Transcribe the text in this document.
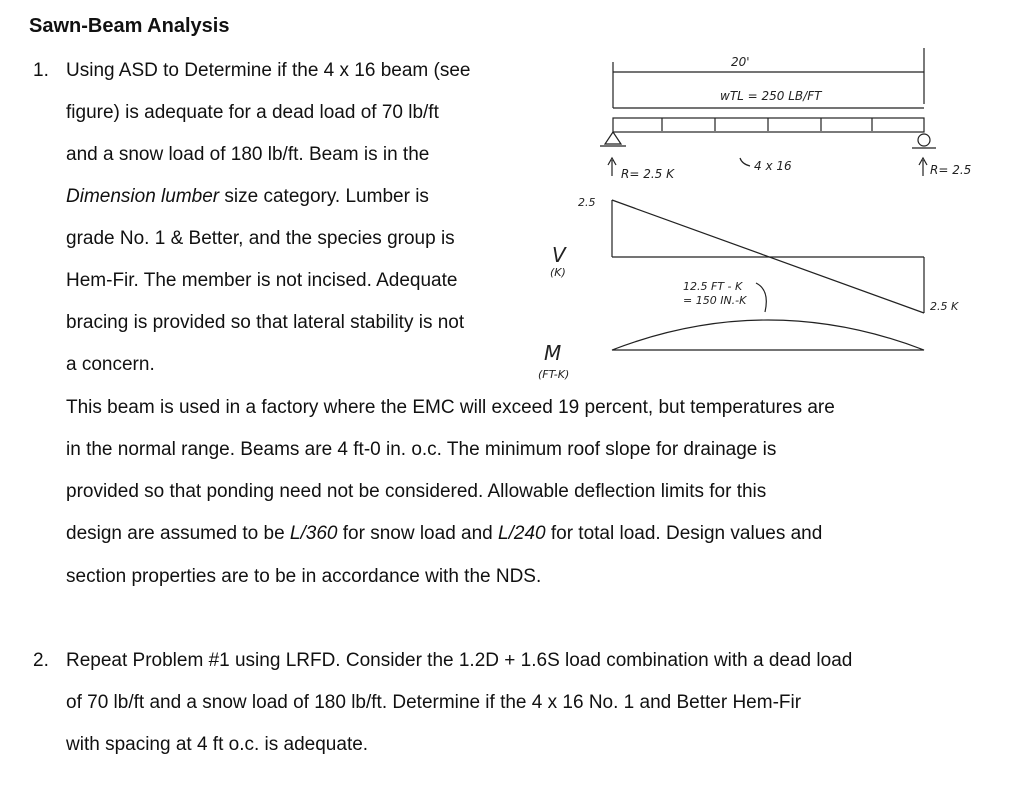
Sawn-Beam Analysis
1. Using ASD to Determine if the 4 x 16 beam (see
figure) is adequate for a dead load of 70 lb/ft
and a snow load of 180 lb/ft. Beam is in the
Dimension lumber size category. Lumber is
grade No. 1 & Better, and the species group is
Hem-Fir. The member is not incised. Adequate
bracing is provided so that lateral stability is not
a concern.
This beam is used in a factory where the EMC will exceed 19 percent, but temperatures are
in the normal range. Beams are 4 ft-0 in. o.c. The minimum roof slope for drainage is
provided so that ponding need not be considered. Allowable deflection limits for this
design are assumed to be L/360 for snow load and L/240 for total load. Design values and
section properties are to be in accordance with the NDS.
2. Repeat Problem #1 using LRFD. Consider the 1.2D + 1.6S load combination with a dead load
of 70 lb/ft and a snow load of 180 lb/ft. Determine if the 4 x 16 No. 1 and Better Hem-Fir
with spacing at 4 ft o.c. is adequate.
20'
wTL = 250 LB/FT
R= 2.5 K	R= 2.5
4 x 16
2.5
2.5 K
V
(K)
M
(FT-K)
12.5 FT - K
= 150 IN.-K
